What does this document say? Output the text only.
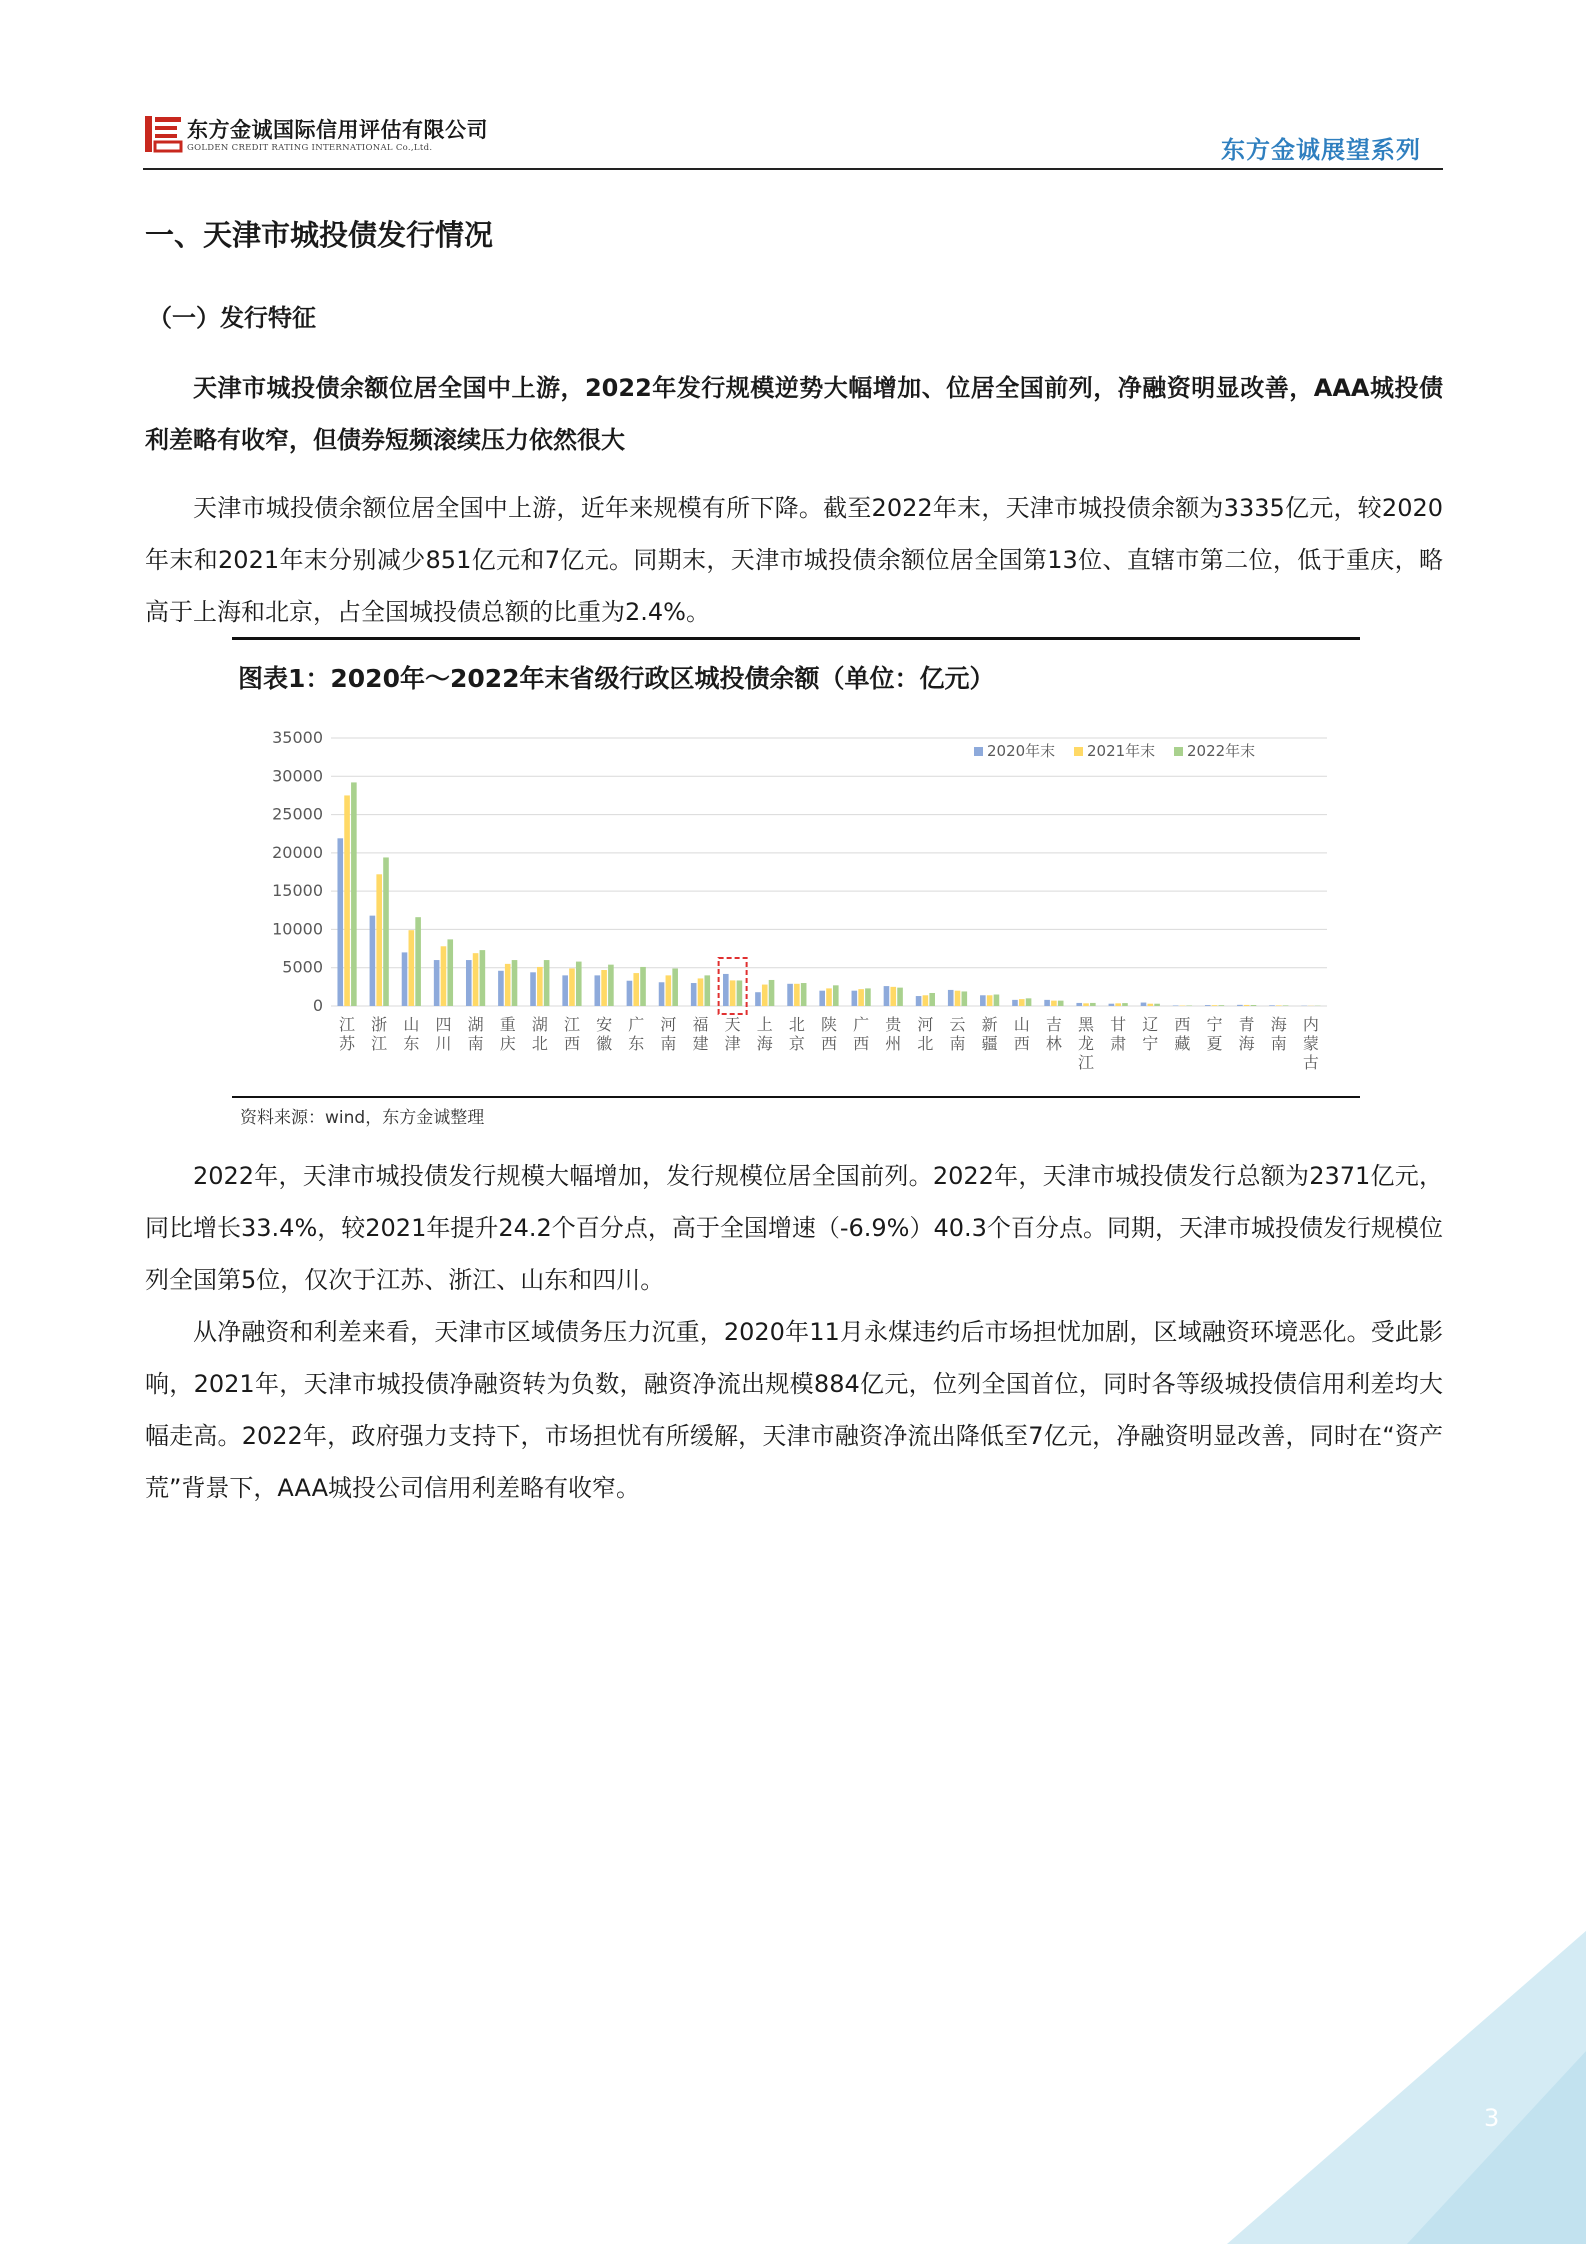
东方金诚国际信用评估有限公司
GOLDEN CREDIT RATING INTERNATIONAL Co.,Ltd.	东方金诚展望系列
一、天津市城投债发行情况
（一）发行特征

天津市城投债余额位居全国中上游，2022年发行规模逆势大幅增加、位居全国前列，净融资明显改善，AAA城投债利差略有收窄，但债券短频滚续压力依然很大

天津市城投债余额位居全国中上游，近年来规模有所下降。截至2022年末，天津市城投债余额为3335亿元，较2020年末和2021年末分别减少851亿元和7亿元。同期末，天津市城投债余额位居全国第13位、直辖市第二位，低于重庆，略高于上海和北京，占全国城投债总额的比重为2.4%。

图表1：2020年～2022年末省级行政区城投债余额（单位：亿元）
0
5000
10000
15000
20000
25000
30000
35000
江
苏
浙
江
山
东
四
川
湖
南
重
庆
湖
北
江
西
安
徽
广
东
河
南
福
建
天
津
上
海
北
京
陕
西
广
西
贵
州
河
北
云
南
新
疆
山
西
吉
林
黑
龙
江
甘
肃
辽
宁
西
藏
宁
夏
青
海
海
南
内
蒙
古
2020年末 2021年末 2022年末
资料来源：wind，东方金诚整理

2022年，天津市城投债发行规模大幅增加，发行规模位居全国前列。2022年，天津市城投债发行总额为2371亿元，同比增长33.4%，较2021年提升24.2个百分点，高于全国增速（-6.9%）40.3个百分点。同期，天津市城投债发行规模位列全国第5位，仅次于江苏、浙江、山东和四川。

从净融资和利差来看，天津市区域债务压力沉重，2020年11月永煤违约后市场担忧加剧，区域融资环境恶化。受此影响，2021年，天津市城投债净融资转为负数，融资净流出规模884亿元，位列全国首位，同时各等级城投债信用利差均大幅走高。2022年，政府强力支持下，市场担忧有所缓解，天津市融资净流出降低至7亿元，净融资明显改善，同时在“资产荒”背景下，AAA城投公司信用利差略有收窄。

3
